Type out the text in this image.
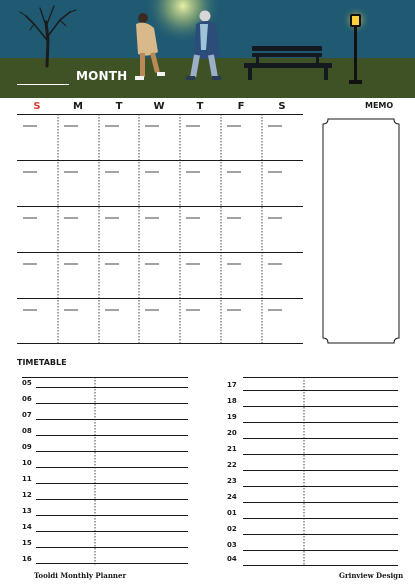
MONTH
S	M	T	W	T	F	S	MEMO
TIMETABLE
05
06
07
08
09
10
11
12
13
14
15
16
17
18
19
20
21
22
23
24
01
02
03
04
Tooldi Monthly Planner	Grinview Design
